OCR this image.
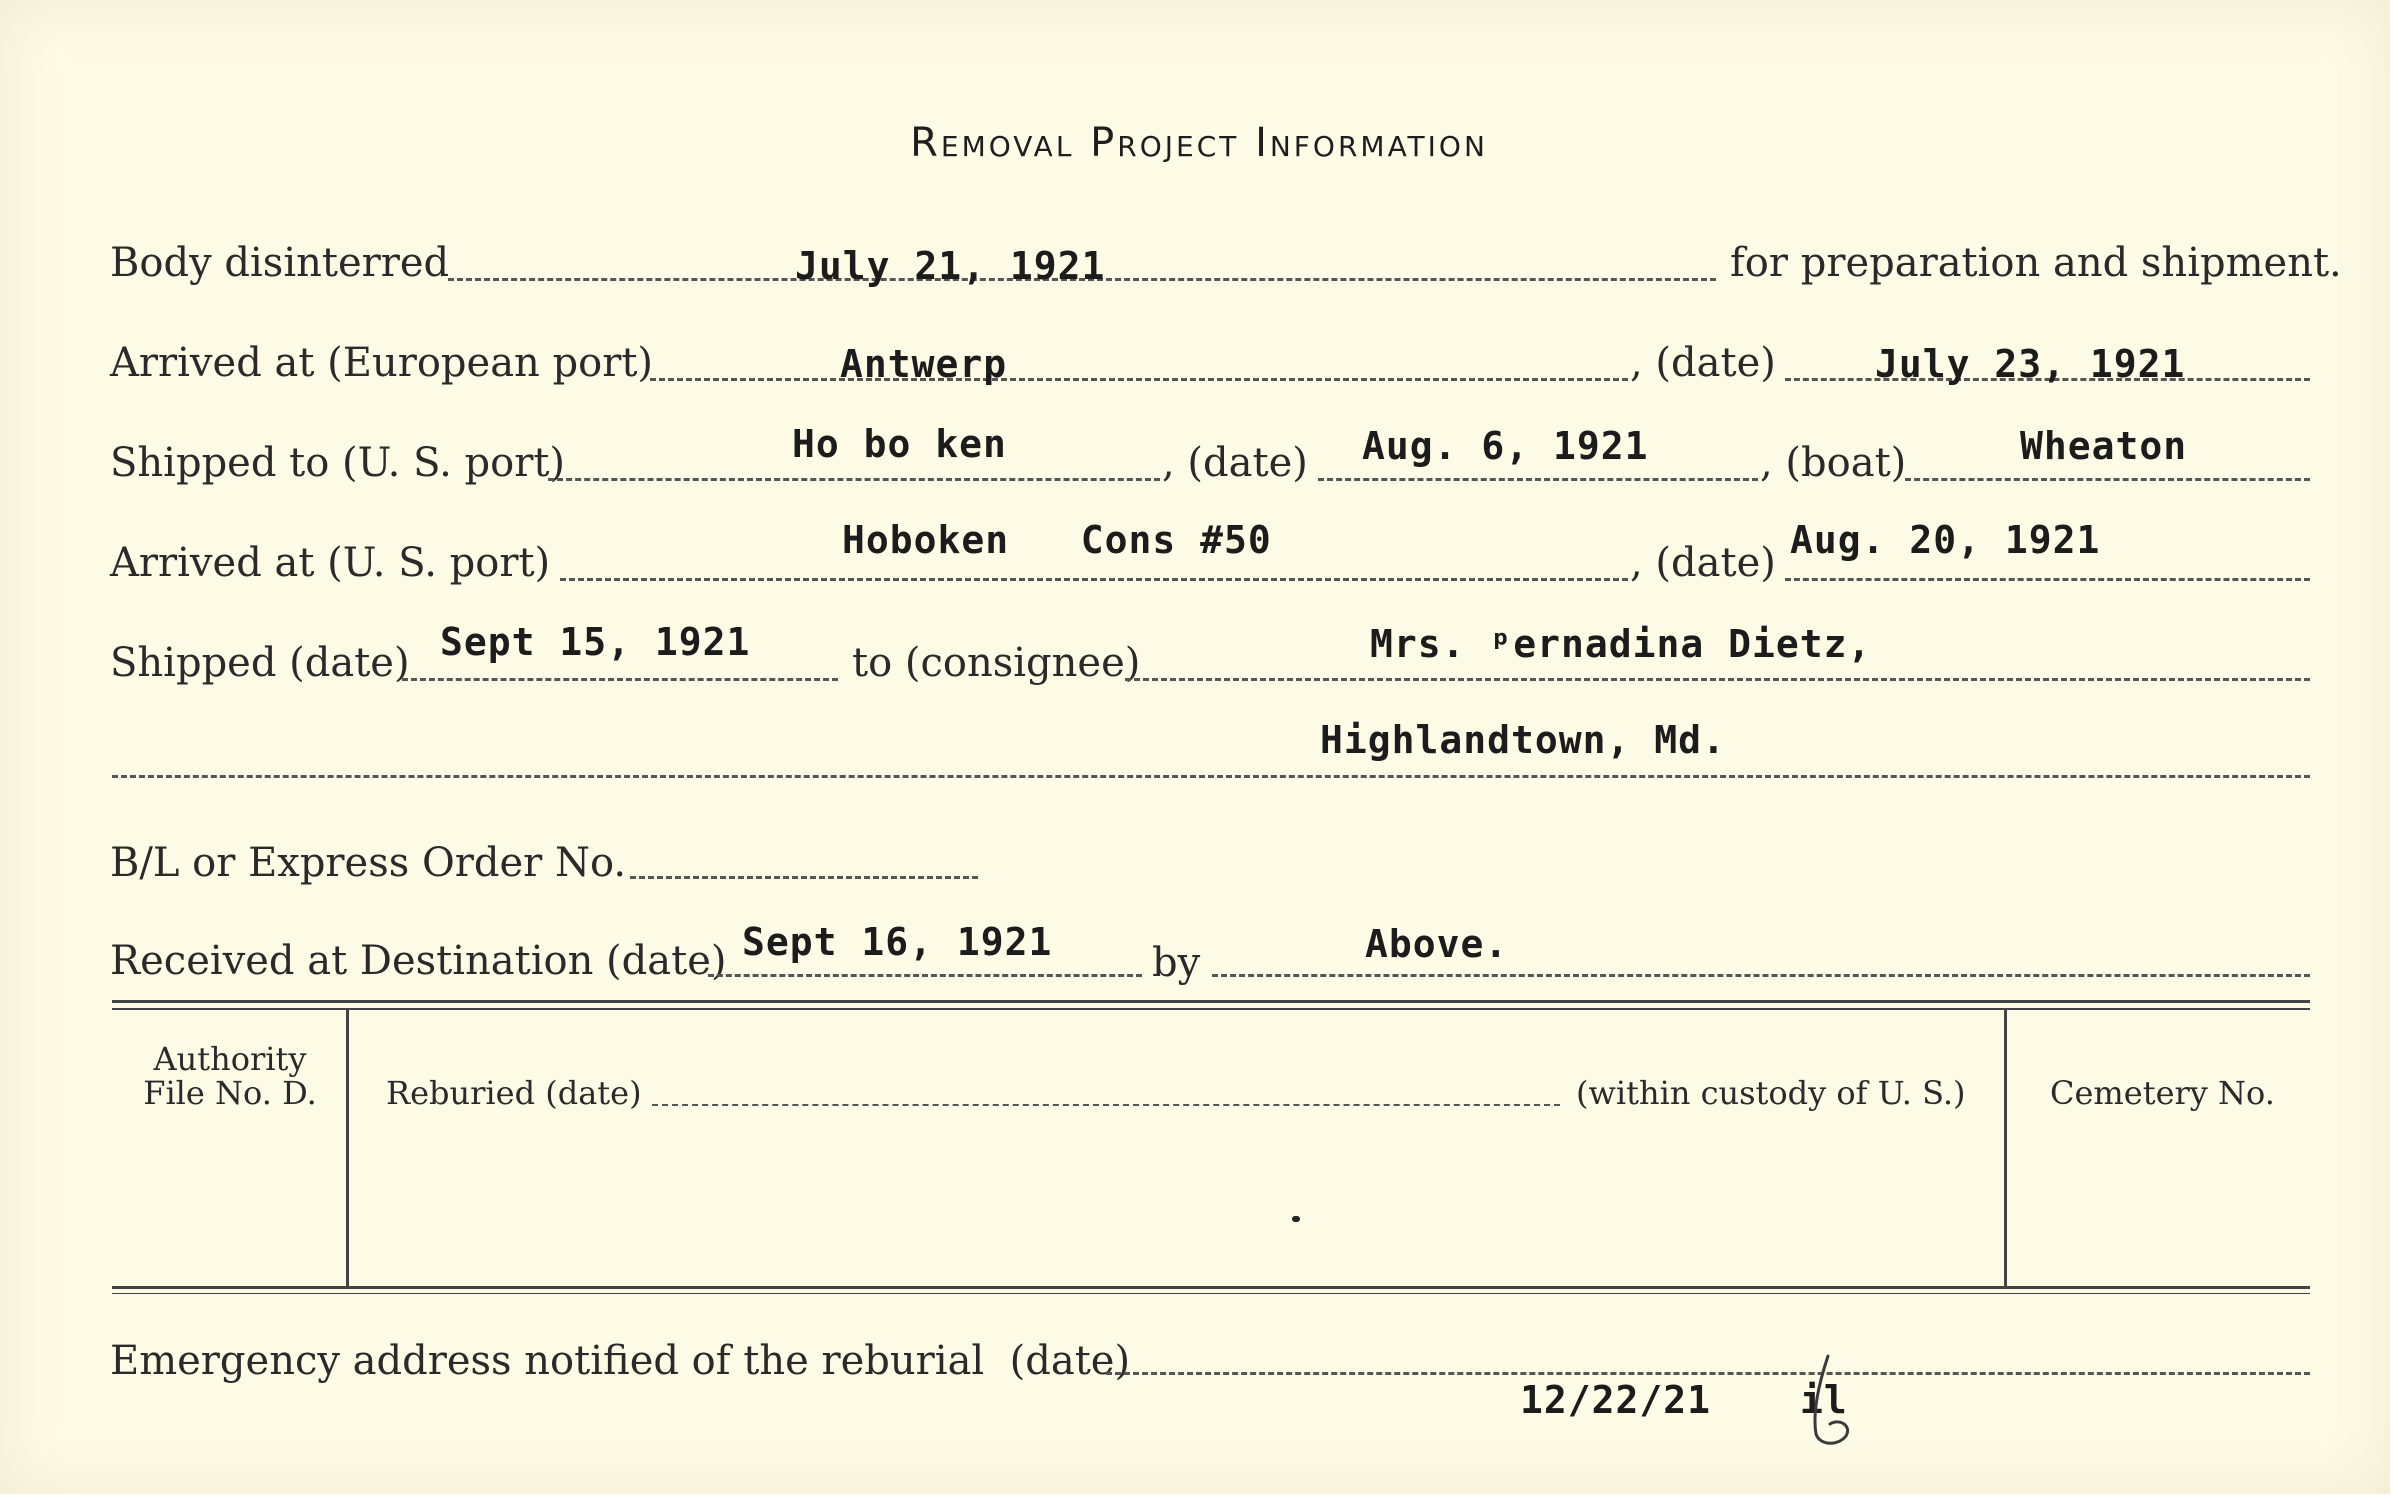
Removal Project Information
Body disinterred	July 21, 1921	for preparation and shipment.
Arrived at (European port)	Antwerp	, (date)	July 23, 1921
Shipped to (U. S. port)	Ho bo ken	, (date) Aug. 6, 1921	, (boat)	Wheaton
Arrived at (U. S. port)	Hoboken   Cons #50	, (date) Aug. 20, 1921
Shipped (date) Sept 15, 1921	to (consignee)	Mrs. ᵖernadina Dietz,
Highlandtown, Md.
B/L or Express Order No.
Received at Destination (date) Sept 16, 1921 by	Above.
Authority
File No. D.	Reburied (date)	(within custody of U. S.)	Cemetery No.
Emergency address notified of the reburial  (date)
12/22/21 il
